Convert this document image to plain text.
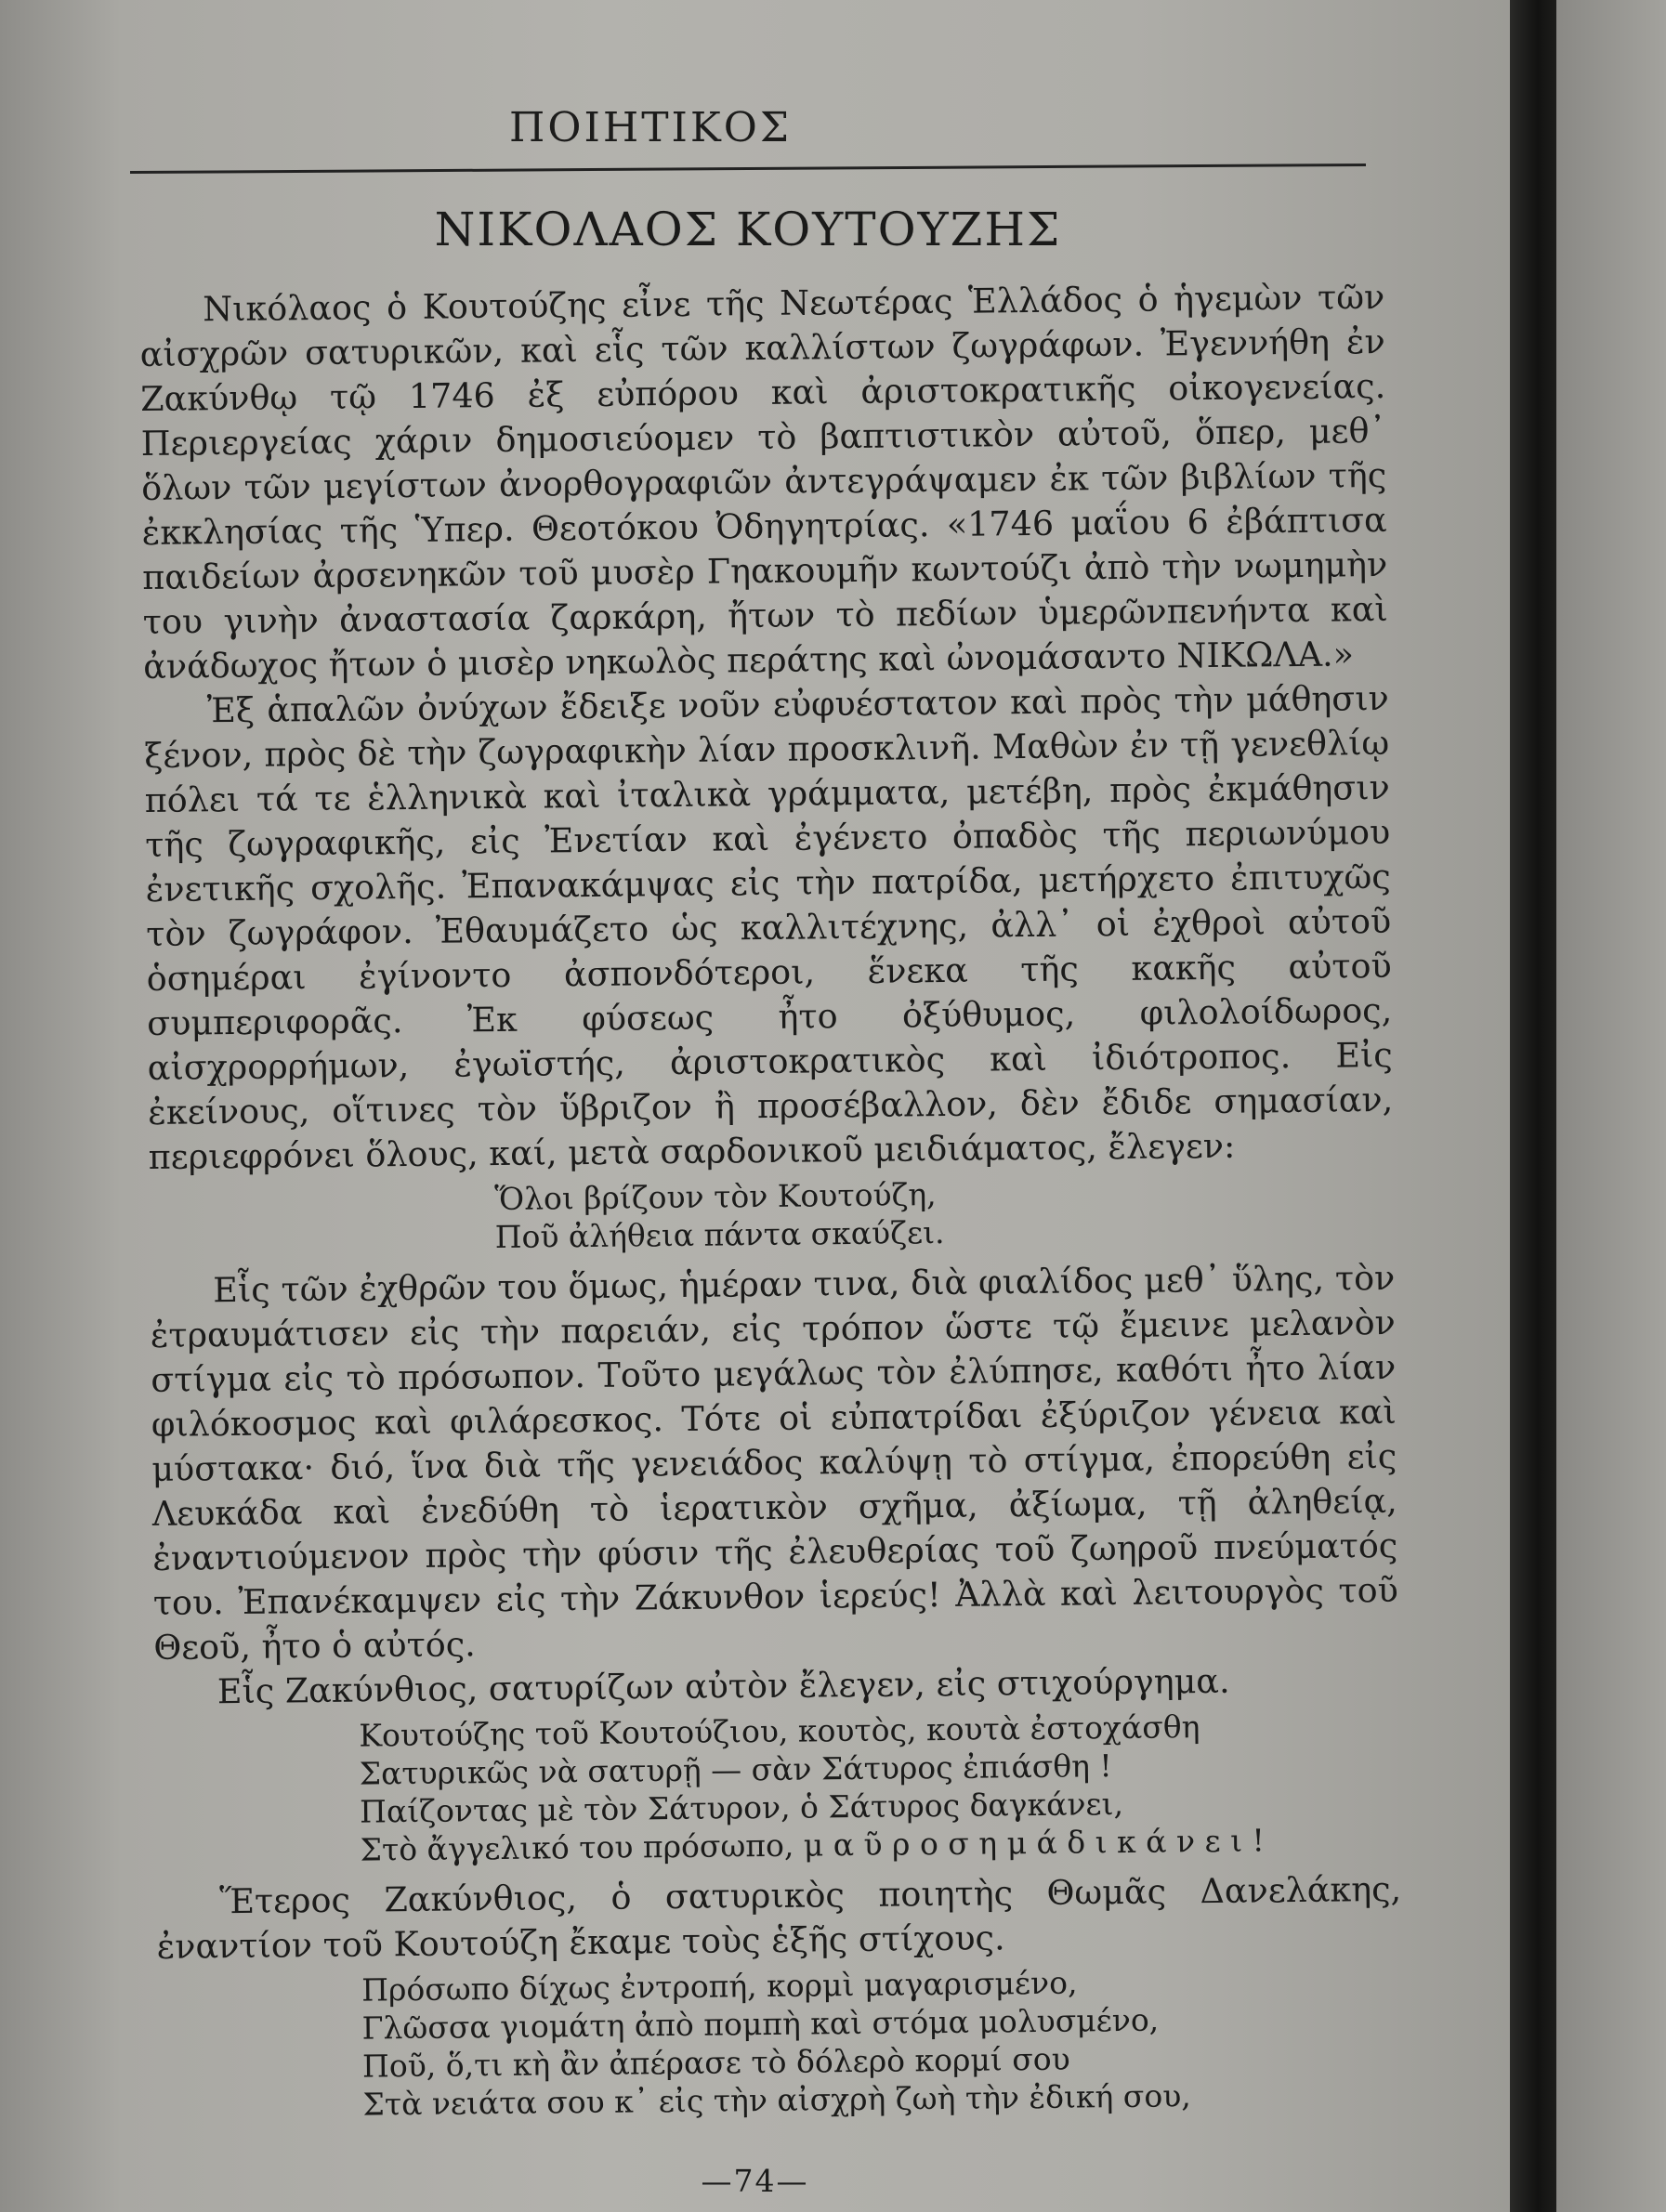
ΠΟΙΗΤΙΚΟΣ
ΝΙΚΟΛΑΟΣ ΚΟΥΤΟΥΖΗΣ

Νικόλαος ὁ Κουτούζης εἶνε τῆς Νεωτέρας Ἑλλάδος ὁ ἡγεμὼν τῶν αἰσχρῶν σατυρικῶν, καὶ εἷς τῶν καλλίστων ζωγράφων. Ἐγεννήθη ἐν Ζακύνθῳ τῷ 1746 ἐξ εὐπόρου καὶ ἀριστοκρατικῆς οἰκογενείας. Περιεργείας χάριν δημοσιεύομεν τὸ βαπτιστικὸν αὐτοῦ, ὅπερ, μεθ᾽ ὅλων τῶν μεγίστων ἀνορθογραφιῶν ἀντεγράψαμεν ἐκ τῶν βιβλίων τῆς ἐκκλησίας τῆς Ὑπερ. Θεοτόκου Ὀδηγητρίας. «1746 μαΐου 6 ἐβάπτισα παιδείων ἀρσενηκῶν τοῦ μυσὲρ Γηακουμῆν κωντούζι ἀπὸ τὴν νωμημὴν του γινὴν ἀναστασία ζαρκάρη, ἤτων τὸ πεδίων ὑμερῶνπενήντα καὶ ἀνάδωχος ἤτων ὁ μισὲρ νηκωλὸς περάτης καὶ ὠνομάσαντο ΝΙΚΩΛΑ.»

Ἐξ ἁπαλῶν ὀνύχων ἔδειξε νοῦν εὐφυέστατον καὶ πρὸς τὴν μάθησιν ξένον, πρὸς δὲ τὴν ζωγραφικὴν λίαν προσκλινῆ. Μαθὼν ἐν τῇ γενεθλίῳ πόλει τά τε ἑλληνικὰ καὶ ἰταλικὰ γράμματα, μετέβη, πρὸς ἐκμάθησιν τῆς ζωγραφικῆς, εἰς Ἐνετίαν καὶ ἐγένετο ὀπαδὸς τῆς περιωνύμου ἐνετικῆς σχολῆς. Ἐπανακάμψας εἰς τὴν πατρίδα, μετήρχετο ἐπιτυχῶς τὸν ζωγράφον. Ἐθαυμάζετο ὡς καλλιτέχνης, ἀλλ᾽ οἱ ἐχθροὶ αὐτοῦ ὁσημέραι ἐγίνοντο ἀσπονδότεροι, ἕνεκα τῆς κακῆς αὐτοῦ συμπεριφορᾶς. Ἐκ φύσεως ἦτο ὀξύθυμος, φιλολοίδωρος, αἰσχρορρήμων, ἐγωϊστής, ἀριστοκρατικὸς καὶ ἰδιότροπος. Εἰς ἐκείνους, οἵτινες τὸν ὕβριζον ἢ προσέβαλλον, δὲν ἔδιδε σημασίαν, περιεφρόνει ὅλους, καί, μετὰ σαρδονικοῦ μειδιάματος, ἔλεγεν:

Ὅλοι βρίζουν τὸν Κουτούζη,
Ποῦ ἀλήθεια πάντα σκαύζει.

Εἷς τῶν ἐχθρῶν του ὅμως, ἡμέραν τινα, διὰ φιαλίδος μεθ᾽ ὕλης, τὸν ἐτραυμάτισεν εἰς τὴν παρειάν, εἰς τρόπον ὥστε τῷ ἔμεινε μελανὸν στίγμα εἰς τὸ πρόσωπον. Τοῦτο μεγάλως τὸν ἐλύπησε, καθότι ἦτο λίαν φιλόκοσμος καὶ φιλάρεσκος. Τότε οἱ εὐπατρίδαι ἐξύριζον γένεια καὶ μύστακα· διό, ἵνα διὰ τῆς γενειάδος καλύψῃ τὸ στίγμα, ἐπορεύθη εἰς Λευκάδα καὶ ἐνεδύθη τὸ ἱερατικὸν σχῆμα, ἀξίωμα, τῇ ἀληθείᾳ, ἐναντιούμενον πρὸς τὴν φύσιν τῆς ἐλευθερίας τοῦ ζωηροῦ πνεύματός του. Ἐπανέκαμψεν εἰς τὴν Ζάκυνθον ἱερεύς! Ἀλλὰ καὶ λειτουργὸς τοῦ Θεοῦ, ἦτο ὁ αὐτός.

Εἷς Ζακύνθιος, σατυρίζων αὐτὸν ἔλεγεν, εἰς στιχούργημα.

Κουτούζης τοῦ Κουτούζιου, κουτὸς, κουτὰ ἐστοχάσθη
Σατυρικῶς νὰ σατυρῇ — σὰν Σάτυρος ἐπιάσθη !
Παίζοντας μὲ τὸν Σάτυρον, ὁ Σάτυρος δαγκάνει,
Στὸ ἄγγελικό του πρόσωπο, μ α ῦ ρ ο σ η μ ά δ ι κ ά ν ε ι !

Ἕτερος Ζακύνθιος, ὁ σατυρικὸς ποιητὴς Θωμᾶς Δανελάκης, ἐναντίον τοῦ Κουτούζη ἔκαμε τοὺς ἑξῆς στίχους.

Πρόσωπο δίχως ἐντροπή, κορμὶ μαγαρισμένο,
Γλῶσσα γιομάτη ἀπὸ πομπὴ καὶ στόμα μολυσμένο,
Ποῦ, ὅ,τι κὴ ἂν ἀπέρασε τὸ δόλερὸ κορμί σου
Στὰ νειάτα σου κ᾽ εἰς τὴν αἰσχρὴ ζωὴ τὴν ἐδική σου,
—74—
